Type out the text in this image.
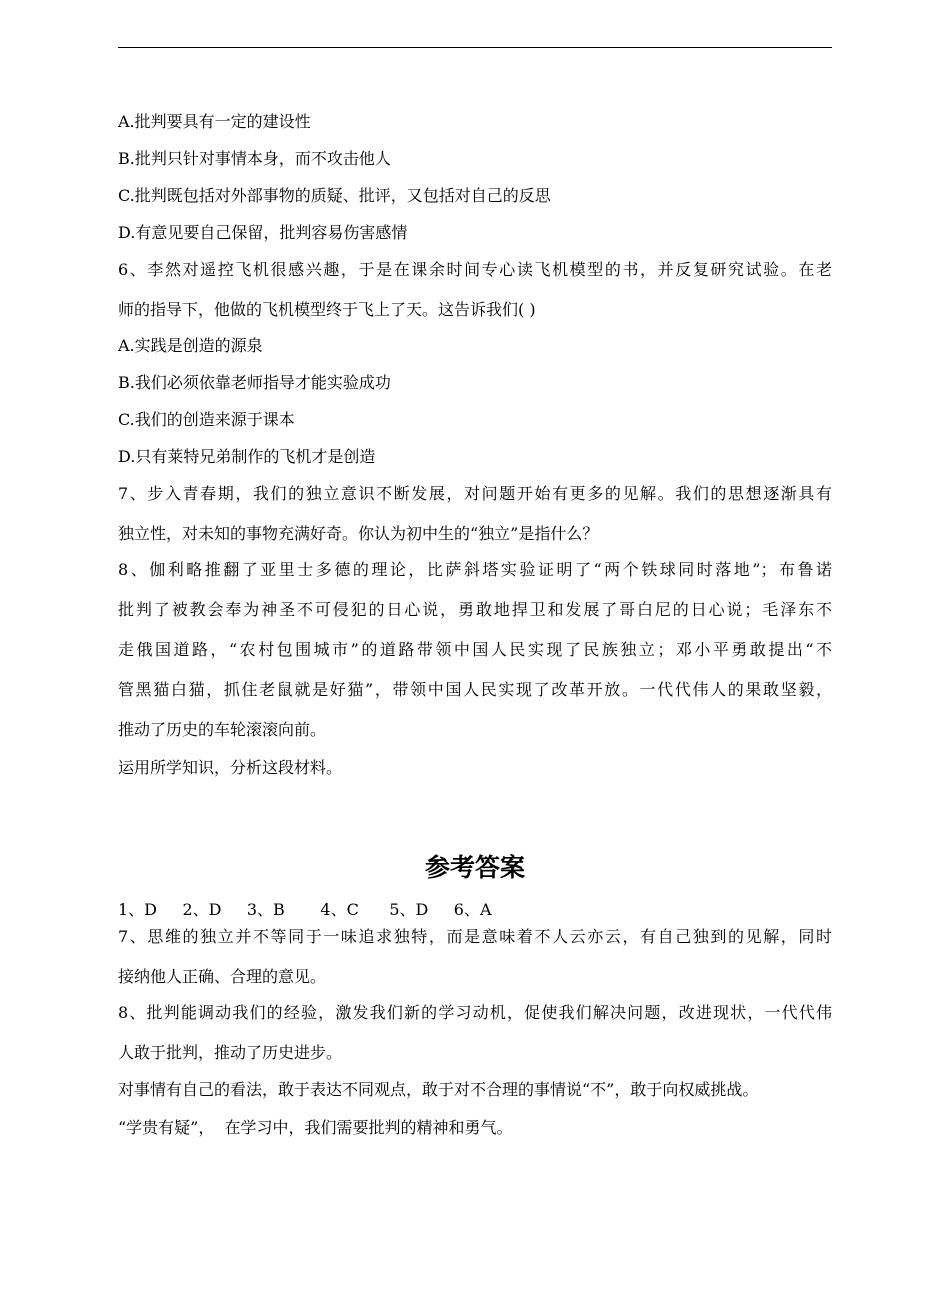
A.批判要具有一定的建设性
B.批判只针对事情本身，而不攻击他人
C.批判既包括对外部事物的质疑、批评，又包括对自己的反思
D.有意见要自己保留，批判容易伤害感情
6、李然对遥控飞机很感兴趣，于是在课余时间专心读飞机模型的书，并反复研究试验。在老
师的指导下，他做的飞机模型终于飞上了天。这告诉我们( )
A.实践是创造的源泉
B.我们必须依靠老师指导才能实验成功
C.我们的创造来源于课本
D.只有莱特兄弟制作的飞机才是创造
7、步入青春期，我们的独立意识不断发展，对问题开始有更多的见解。我们的思想逐渐具有
独立性，对未知的事物充满好奇。你认为初中生的“独立”是指什么？
8、伽利略推翻了亚里士多德的理论，比萨斜塔实验证明了“两个铁球同时落地”；布鲁诺
批判了被教会奉为神圣不可侵犯的日心说，勇敢地捍卫和发展了哥白尼的日心说；毛泽东不
走俄国道路，“农村包围城市”的道路带领中国人民实现了民族独立；邓小平勇敢提出“不
管黑猫白猫，抓住老鼠就是好猫”，带领中国人民实现了改革开放。一代代伟人的果敢坚毅，
推动了历史的车轮滚滚向前。
运用所学知识，分析这段材料。
参考答案
1、D     2、D     3、B       4、C      5、D     6、A
7、思维的独立并不等同于一味追求独特，而是意味着不人云亦云，有自己独到的见解，同时
接纳他人正确、合理的意见。
8、批判能调动我们的经验，激发我们新的学习动机，促使我们解决问题，改进现状，一代代伟
人敢于批判，推动了历史进步。
对事情有自己的看法，敢于表达不同观点，敢于对不合理的事情说“不”，敢于向权威挑战。
“学贵有疑”，  在学习中，我们需要批判的精神和勇气。
